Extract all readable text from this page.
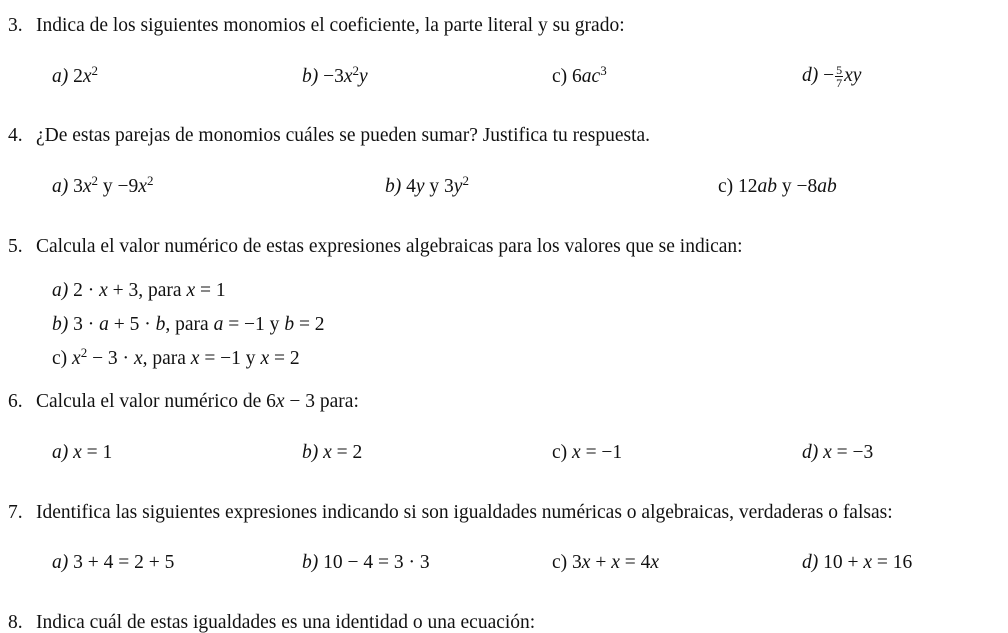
3. Indica de los siguientes monomios el coeficiente, la parte literal y su grado:
a) $2x^2$	$b) -3x^2y$	c) $6ac^3$	$d) - \frac{5}{7}$ xy
4. ¿De estas parejas de monomios cuáles se pueden sumar? Justifica tu respuesta.
a) $3x^2$ $y -9x^2$	b) 4y y $3y^2$	c) 12ab y −8ab
5. Calcula el valor numérico de estas expresiones algebraicas para los valores que se indican:
a) 2 · x + 3, para x = 1
b) 3 · a + 5 · b, para a = −1 y b = 2
c) $x^2 - 3 \cdot x$, para x = −1 y x = 2
6. Calcula el valor numérico de 6x − 3 para:
a) x = 1	b) x = 2	c) x = −1	d) x = −3
7. Identifica las siguientes expresiones indicando si son igualdades numéricas o algebraicas, verdaderas o falsas:
a) 3 + 4 = 2 + 5	b) 10 − 4 = 3 · 3	c) 3x + x = 4x	d) 10 + x = 16
8. Indica cuál de estas igualdades es una identidad o una ecuación:
